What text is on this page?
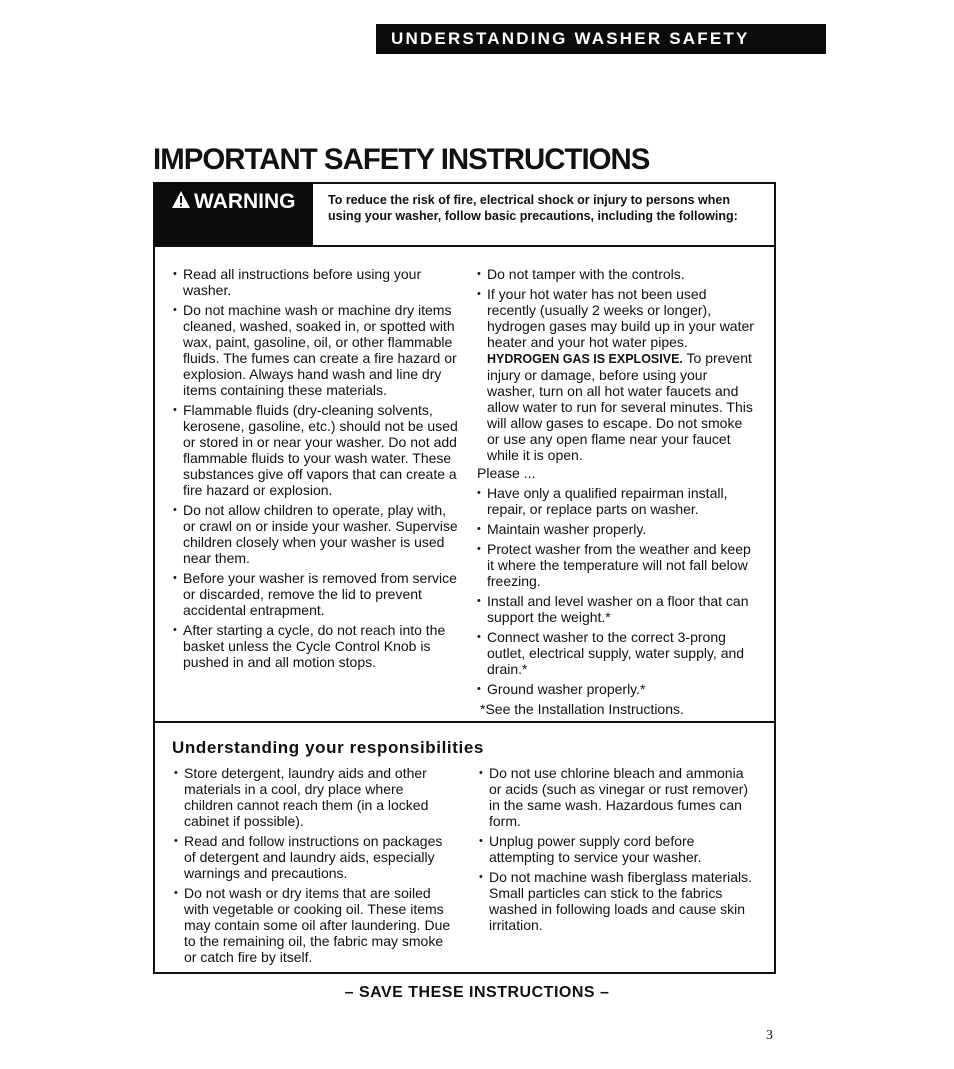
UNDERSTANDING WASHER SAFETY
IMPORTANT SAFETY INSTRUCTIONS
WARNING	To reduce the risk of fire, electrical shock or injury to persons when using your washer, follow basic precautions, including the following:
• Read all instructions before using your washer.
• Do not machine wash or machine dry items cleaned, washed, soaked in, or spotted with wax, paint, gasoline, oil, or other flammable fluids. The fumes can create a fire hazard or explosion. Always hand wash and line dry items containing these materials.
• Flammable fluids (dry-cleaning solvents, kerosene, gasoline, etc.) should not be used or stored in or near your washer. Do not add flammable fluids to your wash water. These substances give off vapors that can create a fire hazard or explosion.
• Do not allow children to operate, play with, or crawl on or inside your washer. Supervise children closely when your washer is used near them.
• Before your washer is removed from service or discarded, remove the lid to prevent accidental entrapment.
• After starting a cycle, do not reach into the basket unless the Cycle Control Knob is pushed in and all motion stops.
• Do not tamper with the controls.
• If your hot water has not been used recently (usually 2 weeks or longer), hydrogen gases may build up in your water heater and your hot water pipes. HYDROGEN GAS IS EXPLOSIVE. To prevent injury or damage, before using your washer, turn on all hot water faucets and allow water to run for several minutes. This will allow gases to escape. Do not smoke or use any open flame near your faucet while it is open.
Please ...
• Have only a qualified repairman install, repair, or replace parts on washer.
• Maintain washer properly.
• Protect washer from the weather and keep it where the temperature will not fall below freezing.
• Install and level washer on a floor that can support the weight.*
• Connect washer to the correct 3-prong outlet, electrical supply, water supply, and drain.*
• Ground washer properly.*
*See the Installation Instructions.
Understanding your responsibilities
• Store detergent, laundry aids and other materials in a cool, dry place where children cannot reach them (in a locked cabinet if possible).
• Read and follow instructions on packages of detergent and laundry aids, especially warnings and precautions.
• Do not wash or dry items that are soiled with vegetable or cooking oil. These items may contain some oil after laundering. Due to the remaining oil, the fabric may smoke or catch fire by itself.
• Do not use chlorine bleach and ammonia or acids (such as vinegar or rust remover) in the same wash. Hazardous fumes can form.
• Unplug power supply cord before attempting to service your washer.
• Do not machine wash fiberglass materials. Small particles can stick to the fabrics washed in following loads and cause skin irritation.
– SAVE THESE INSTRUCTIONS –
3
